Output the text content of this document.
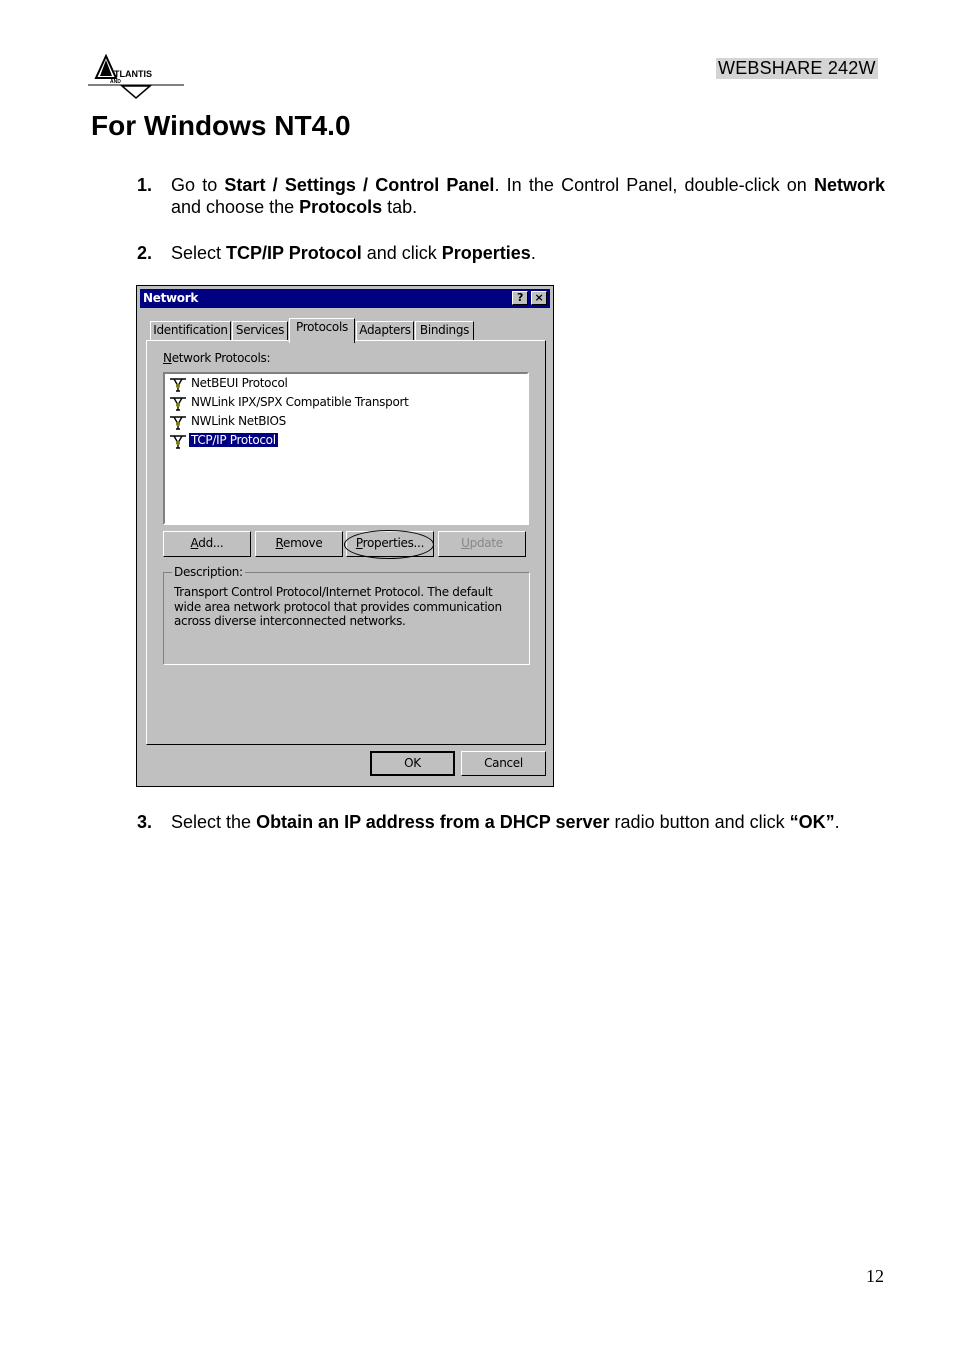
TLANTIS
AND
WEBSHARE 242W
For Windows NT4.0
1. Go to Start / Settings / Control Panel. In the Control Panel, double-click on Network and choose the Protocols tab.
2. Select TCP/IP Protocol and click Properties.
Network	?	×
Identification Services Protocols Adapters Bindings
Network Protocols:
NetBEUI Protocol
NWLink IPX/SPX Compatible Transport
NWLink NetBIOS
TCP/IP Protocol
Add...	Remove	Properties...	Update
Description:
Transport Control Protocol/Internet Protocol. The default wide area network protocol that provides communication across diverse interconnected networks.
OK	Cancel
3. Select the Obtain an IP address from a DHCP server radio button and click “OK”.
12
